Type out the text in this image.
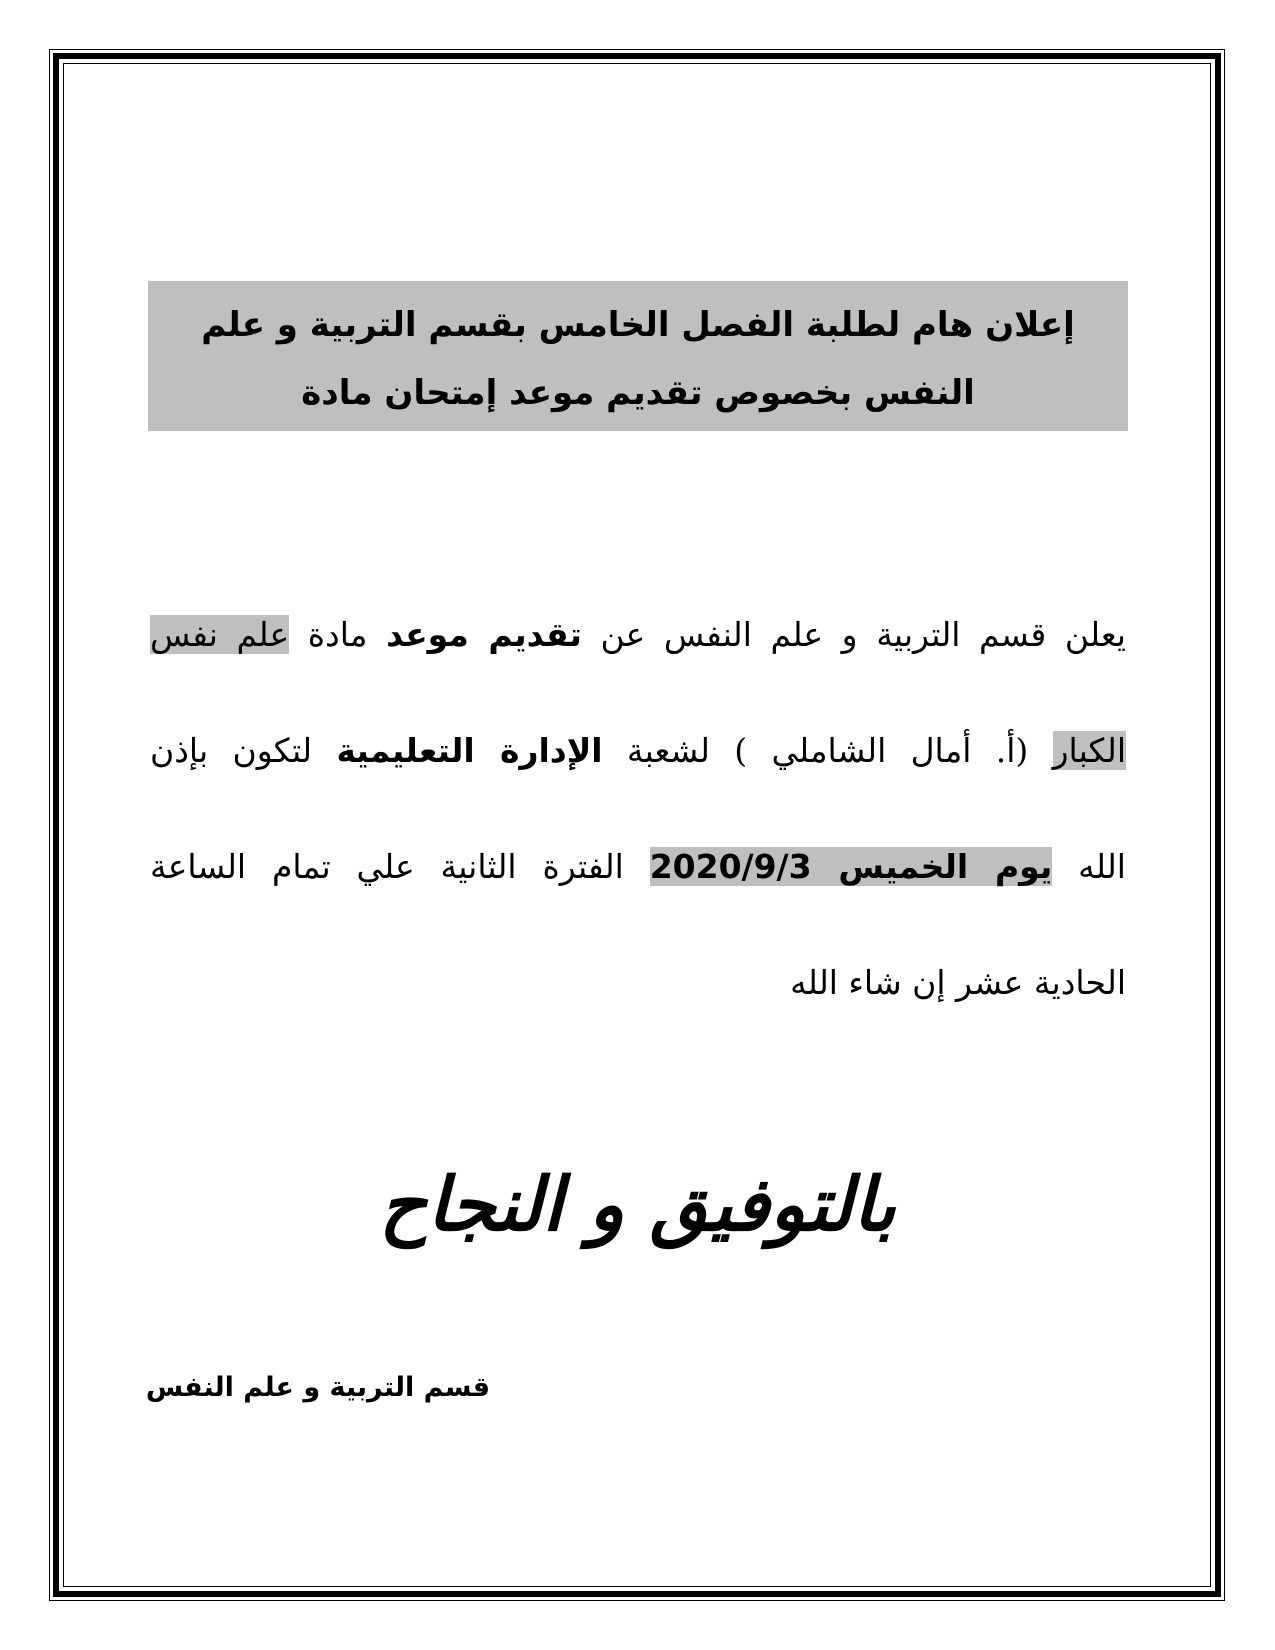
إعلان هام لطلبة الفصل الخامس بقسم التربية و علم
النفس بخصوص تقديم موعد إمتحان مادة
يعلن قسم التربية و علم النفس عن تقديم موعد مادة علم نفس
الكبار (أ. أمال الشاملي ) لشعبة الإدارة التعليمية لتكون بإذن
الله يوم الخميس 2020/9/3 الفترة الثانية علي تمام الساعة
الحادية عشر إن شاء الله
بالتوفيق و النجاح
قسم التربية و علم النفس
